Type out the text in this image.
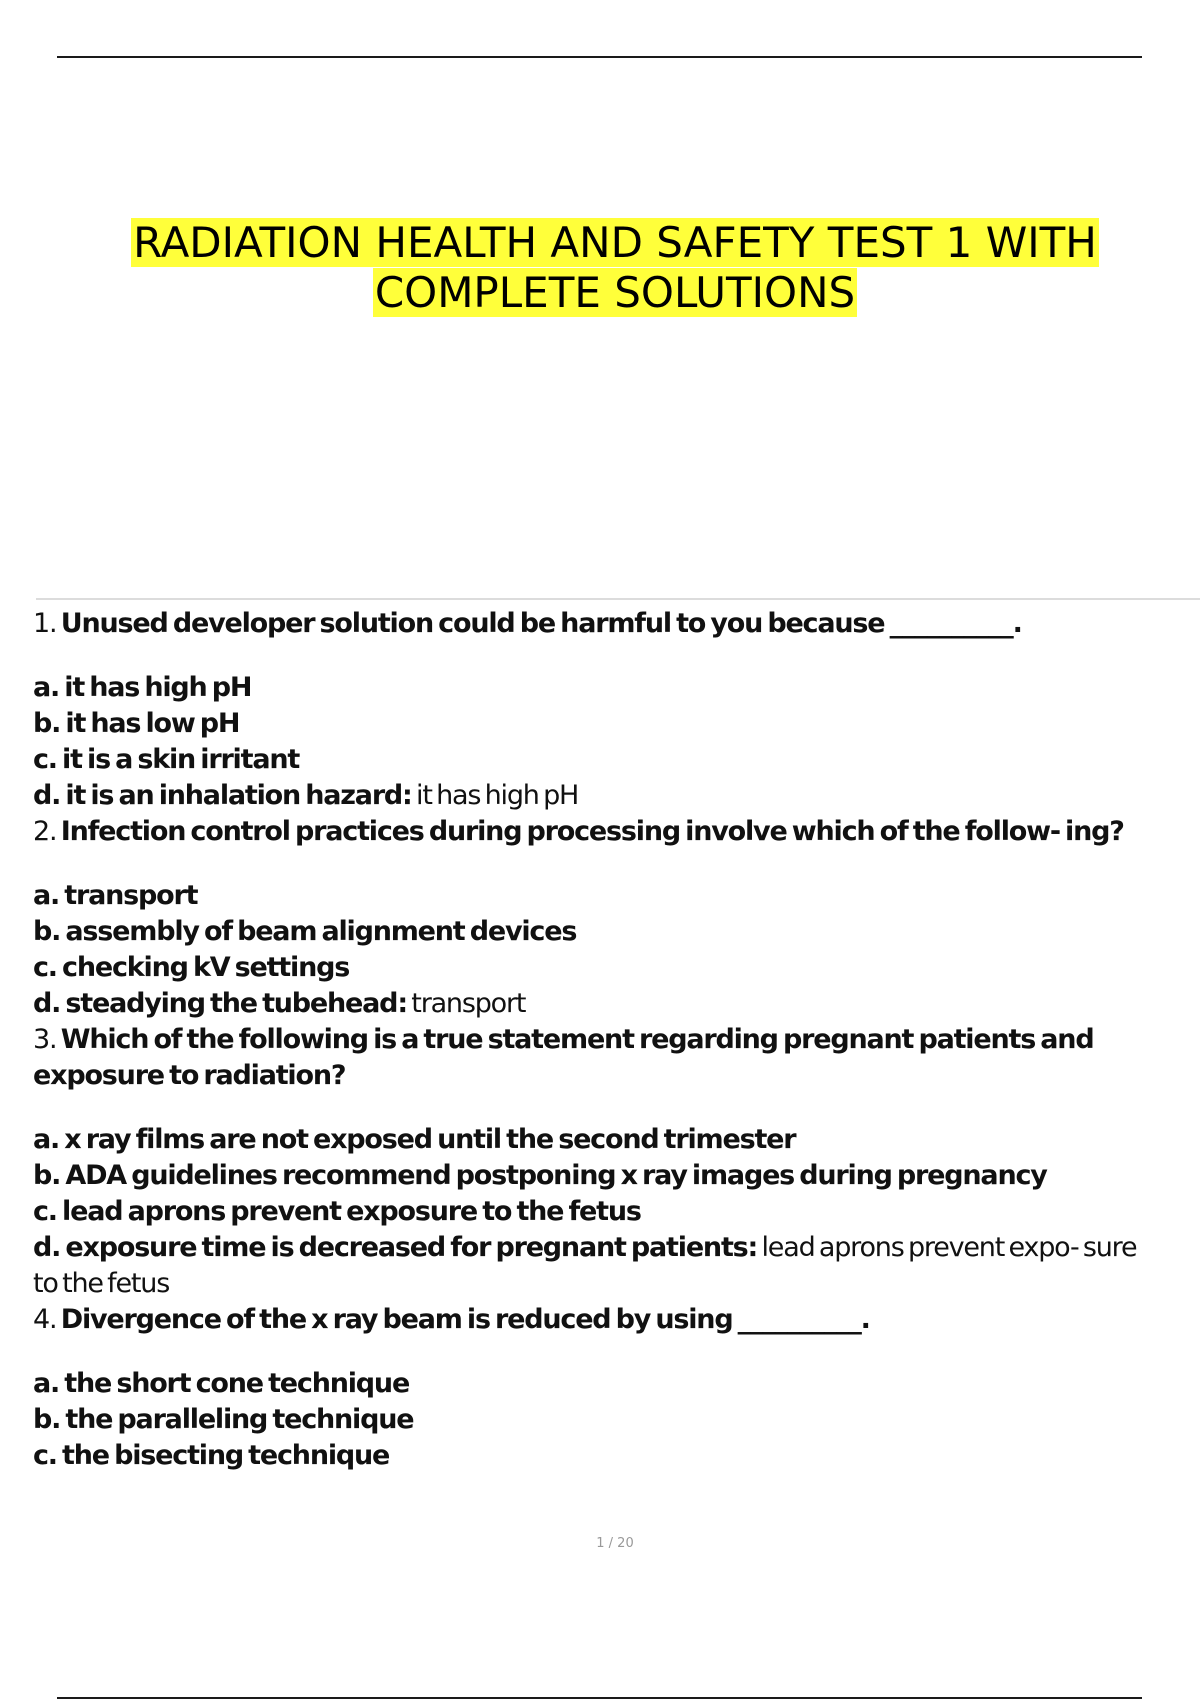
RADIATION HEALTH AND SAFETY TEST 1 WITH
COMPLETE SOLUTIONS

1. Unused developer solution could be harmful to you because __________.

a. it has high pH

b. it has low pH

c. it is a skin irritant

d. it is an inhalation hazard: it has high pH

2. Infection control practices during processing involve which of the follow- ing?

a. transport

b. assembly of beam alignment devices

c. checking kV settings

d. steadying the tubehead: transport

3. Which of the following is a true statement regarding pregnant patients and exposure to radiation?

a. x ray films are not exposed until the second trimester

b. ADA guidelines recommend postponing x ray images during pregnancy

c. lead aprons prevent exposure to the fetus

d. exposure time is decreased for pregnant patients: lead aprons prevent expo- sure to the fetus

4. Divergence of the x ray beam is reduced by using __________.

a. the short cone technique

b. the paralleling technique

c. the bisecting technique

1 / 20
